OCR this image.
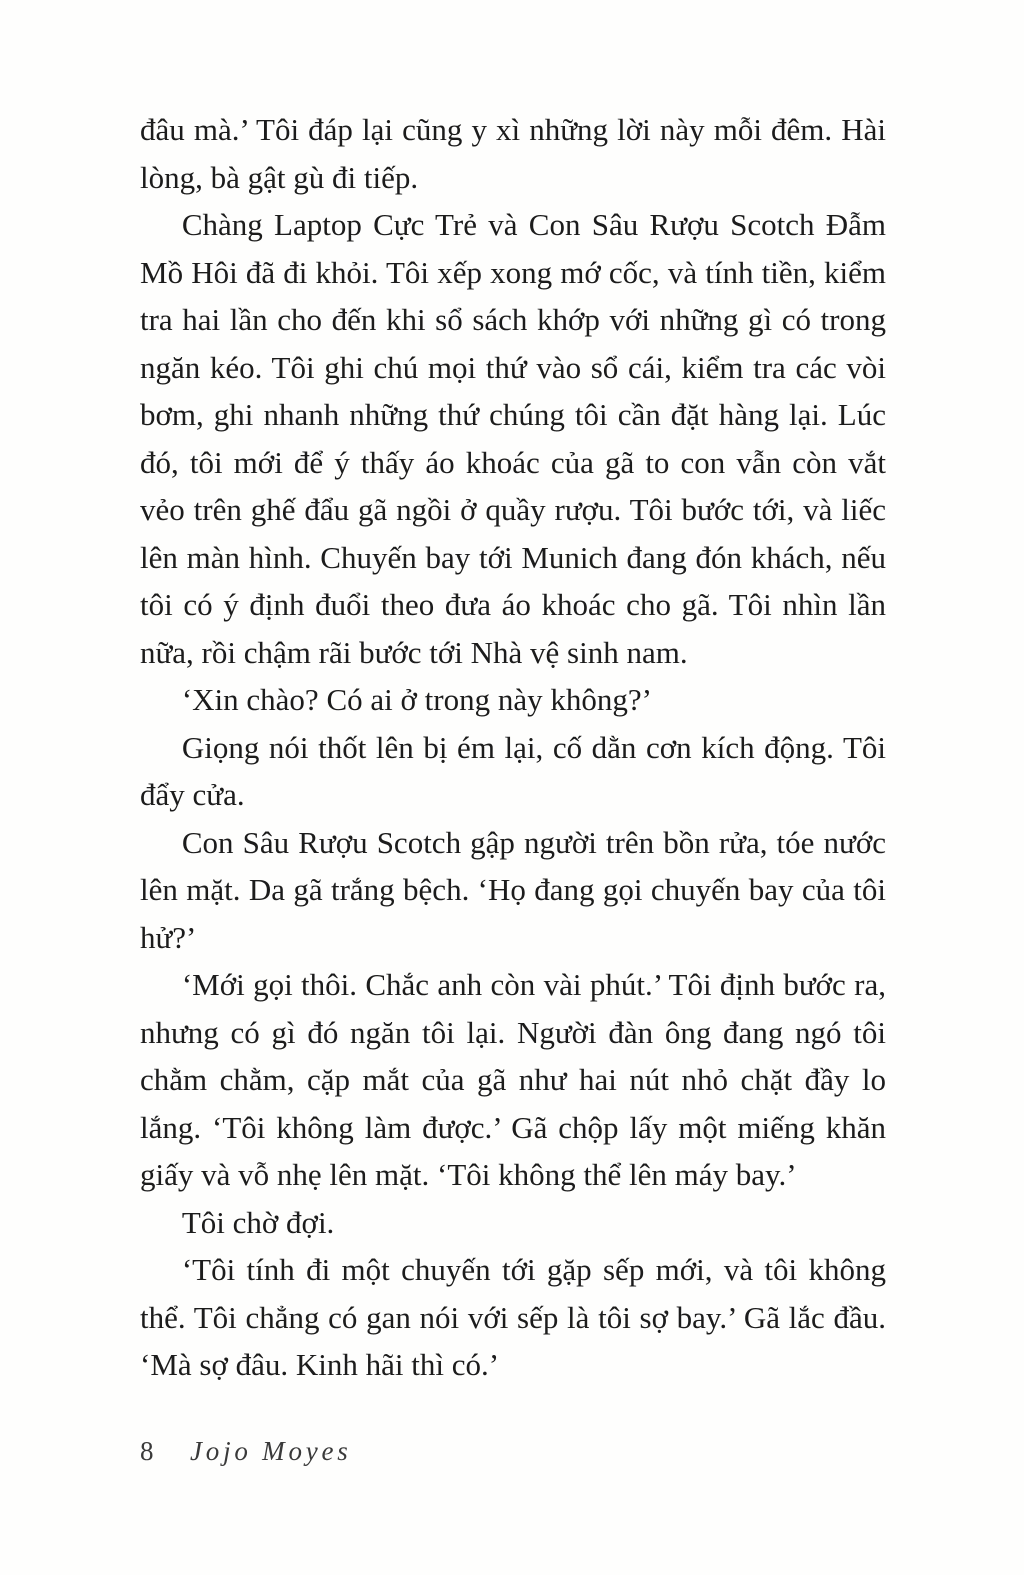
đâu mà.’ Tôi đáp lại cũng y xì những lời này mỗi đêm. Hài lòng, bà gật gù đi tiếp.

Chàng Laptop Cực Trẻ và Con Sâu Rượu Scotch Đẫm Mồ Hôi đã đi khỏi. Tôi xếp xong mớ cốc, và tính tiền, kiểm tra hai lần cho đến khi sổ sách khớp với những gì có trong ngăn kéo. Tôi ghi chú mọi thứ vào sổ cái, kiểm tra các vòi bơm, ghi nhanh những thứ chúng tôi cần đặt hàng lại. Lúc đó, tôi mới để ý thấy áo khoác của gã to con vẫn còn vắt vẻo trên ghế đẩu gã ngồi ở quầy rượu. Tôi bước tới, và liếc lên màn hình. Chuyến bay tới Munich đang đón khách, nếu tôi có ý định đuổi theo đưa áo khoác cho gã. Tôi nhìn lần nữa, rồi chậm rãi bước tới Nhà vệ sinh nam.

‘Xin chào? Có ai ở trong này không?’

Giọng nói thốt lên bị ém lại, cố dằn cơn kích động. Tôi đẩy cửa.

Con Sâu Rượu Scotch gập người trên bồn rửa, tóe nước lên mặt. Da gã trắng bệch. ‘Họ đang gọi chuyến bay của tôi hử?’

‘Mới gọi thôi. Chắc anh còn vài phút.’ Tôi định bước ra, nhưng có gì đó ngăn tôi lại. Người đàn ông đang ngó tôi chằm chằm, cặp mắt của gã như hai nút nhỏ chặt đầy lo lắng. ‘Tôi không làm được.’ Gã chộp lấy một miếng khăn giấy và vỗ nhẹ lên mặt. ‘Tôi không thể lên máy bay.’

Tôi chờ đợi.

‘Tôi tính đi một chuyến tới gặp sếp mới, và tôi không thể. Tôi chẳng có gan nói với sếp là tôi sợ bay.’ Gã lắc đầu. ‘Mà sợ đâu. Kinh hãi thì có.’

8 Jojo Moyes
